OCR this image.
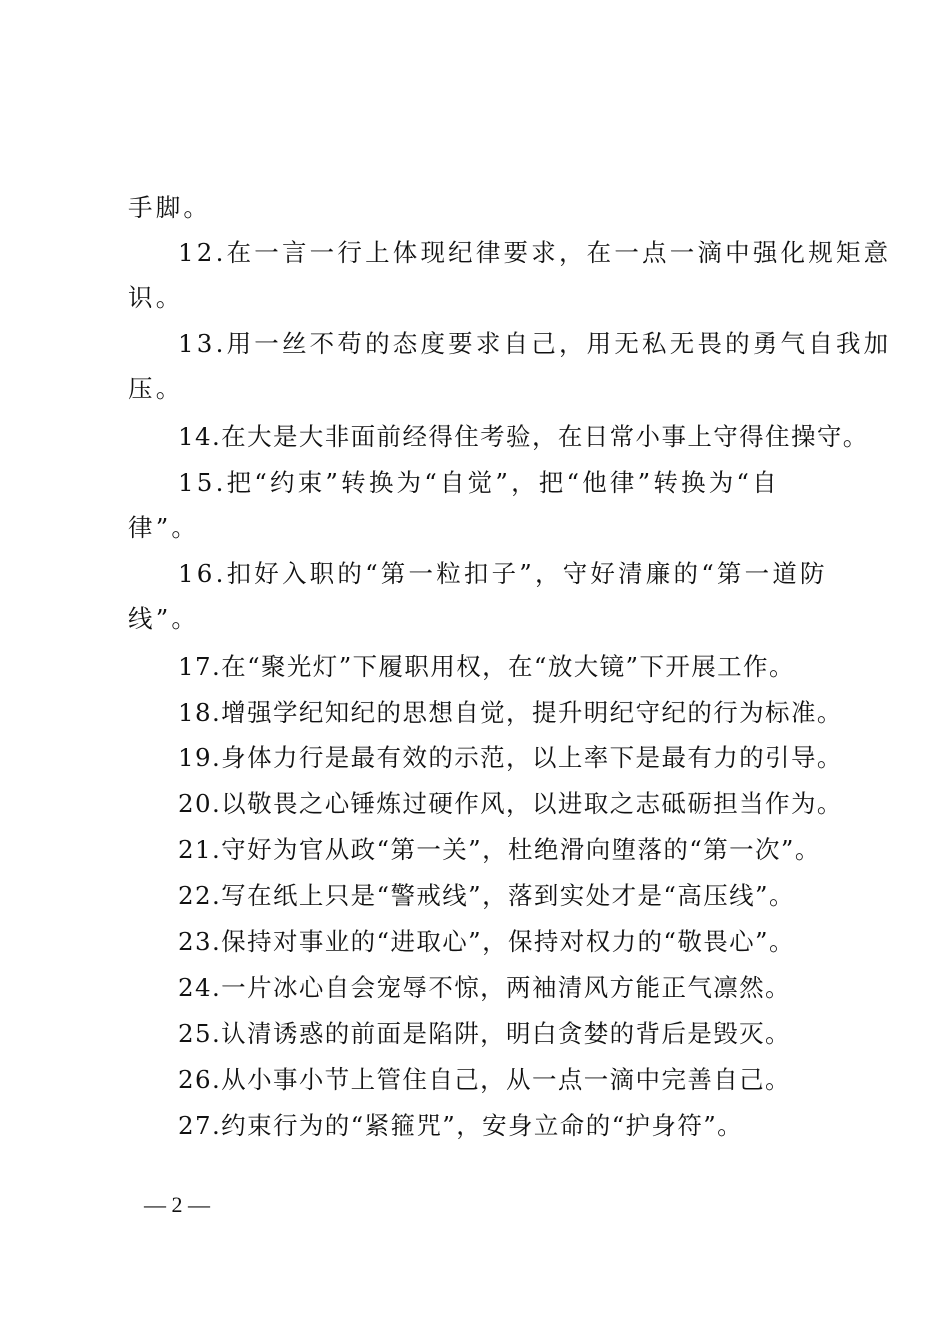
手脚。
12.在一言一行上体现纪律要求，在一点一滴中强化规矩意
识。
13.用一丝不苟的态度要求自己，用无私无畏的勇气自我加
压。
14.在大是大非面前经得住考验，在日常小事上守得住操守。
15.把“约束”转换为“自觉”，把“他律”转换为“自
律”。
16.扣好入职的“第一粒扣子”，守好清廉的“第一道防
线”。
17.在“聚光灯”下履职用权，在“放大镜”下开展工作。
18.增强学纪知纪的思想自觉，提升明纪守纪的行为标准。
19.身体力行是最有效的示范，以上率下是最有力的引导。
20.以敬畏之心锤炼过硬作风，以进取之志砥砺担当作为。
21.守好为官从政“第一关”，杜绝滑向堕落的“第一次”。
22.写在纸上只是“警戒线”，落到实处才是“高压线”。
23.保持对事业的“进取心”，保持对权力的“敬畏心”。
24.一片冰心自会宠辱不惊，两袖清风方能正气凛然。
25.认清诱惑的前面是陷阱，明白贪婪的背后是毁灭。
26.从小事小节上管住自己，从一点一滴中完善自己。
27.约束行为的“紧箍咒”，安身立命的“护身符”。
— 2 —
